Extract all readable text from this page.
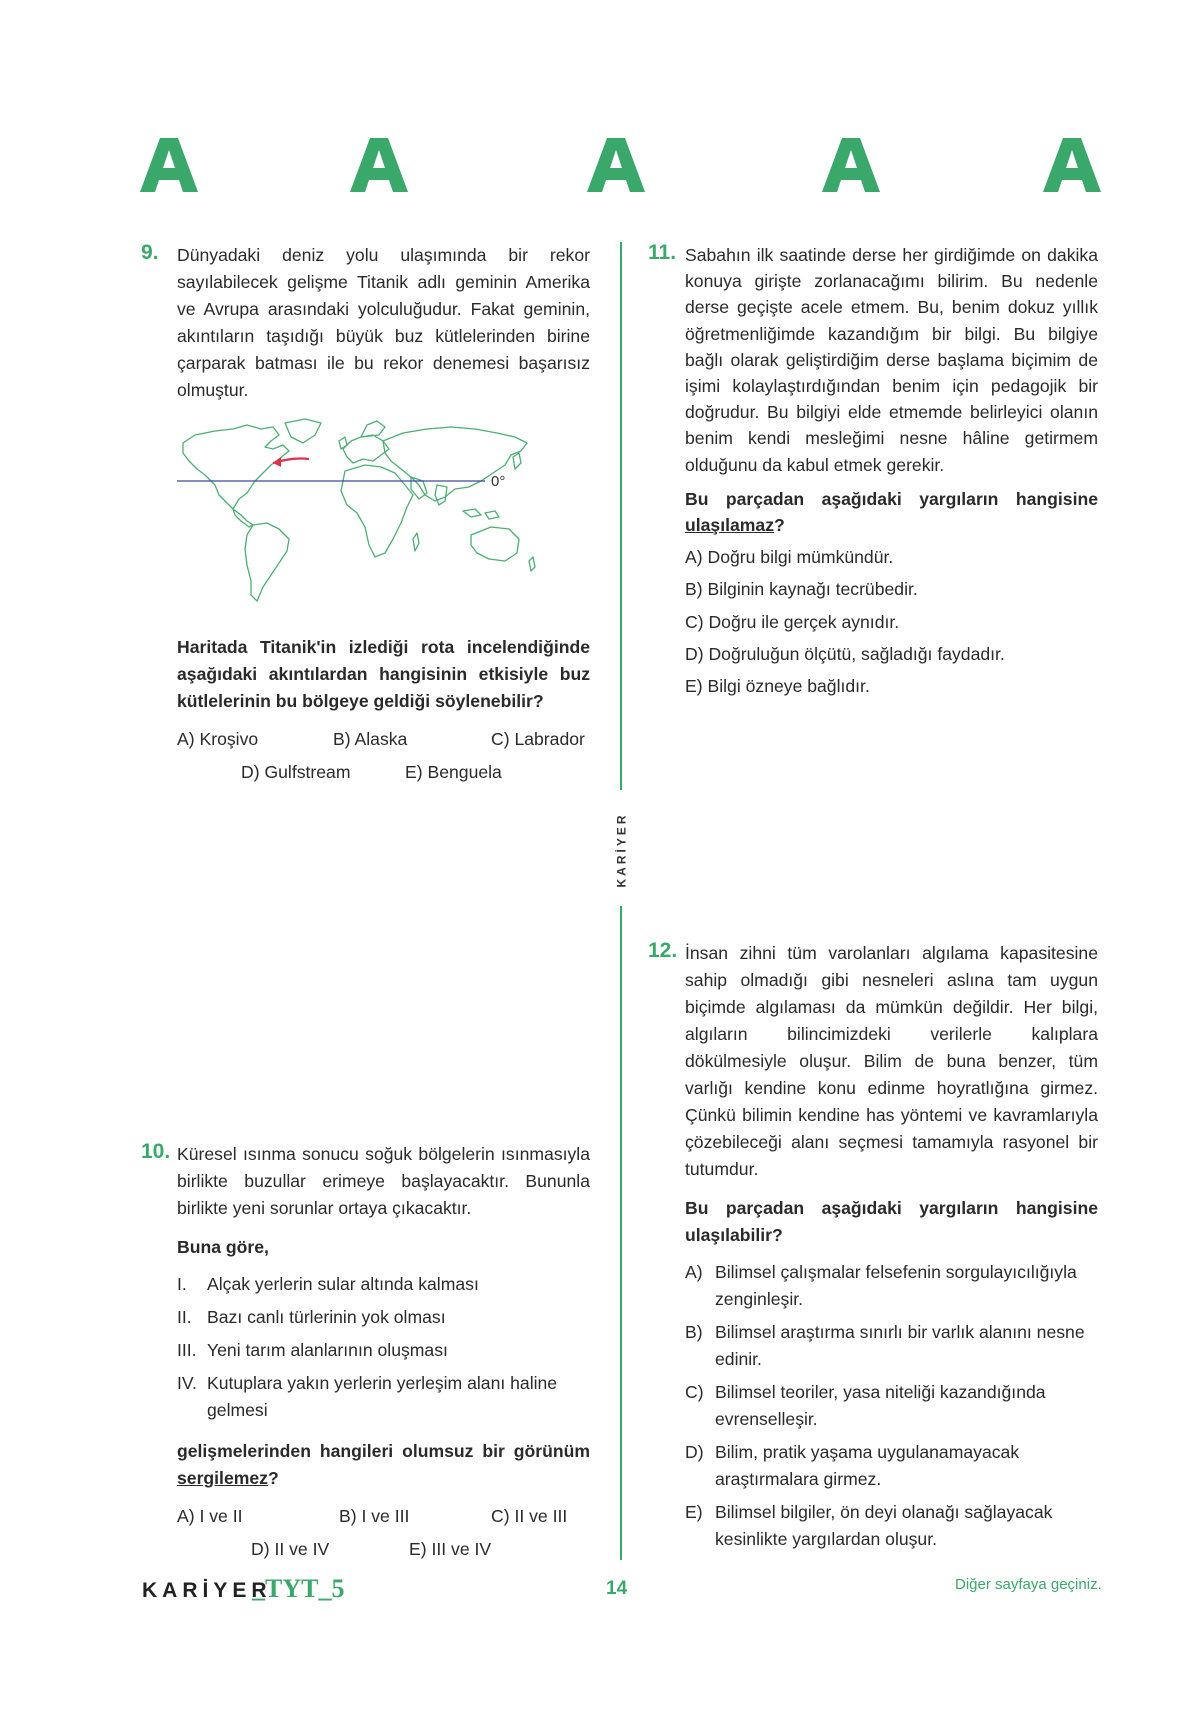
9. Dünyadaki deniz yolu ulaşımında bir rekor sayılabilecek gelişme Titanik adlı geminin Amerika ve Avrupa arasındaki yolculuğudur. Fakat geminin, akıntıların taşıdığı büyük buz kütlelerinden birine çarparak batması ile bu rekor denemesi başarısız olmuştur.

0°

Haritada Titanik'in izlediği rota incelendiğinde aşağıdaki akıntılardan hangisinin etkisiyle buz kütlelerinin bu bölgeye geldiği söylenebilir?

A) Kroşivo	B) Alaska	C) Labrador
D) Gulfstream	E) Benguela
10. Küresel ısınma sonucu soğuk bölgelerin ısınmasıyla birlikte buzullar erimeye başlayacaktır. Bununla birlikte yeni sorunlar ortaya çıkacaktır.

Buna göre,

I.	Alçak yerlerin sular altında kalması
II. Bazı canlı türlerinin yok olması
III. Yeni tarım alanlarının oluşması
IV. Kutuplara yakın yerlerin yerleşim alanı haline gelmesi

gelişmelerinden hangileri olumsuz bir görünüm sergilemez?

A) I ve II	B) I ve III	C) II ve III
D) II ve IV	E) III ve IV
KARİYER
11. Sabahın ilk saatinde derse her girdiğimde on dakika konuya girişte zorlanacağımı bilirim. Bu nedenle derse geçişte acele etmem. Bu, benim dokuz yıllık öğretmenliğimde kazandığım bir bilgi. Bu bilgiye bağlı olarak geliştirdiğim derse başlama biçimim de işimi kolaylaştırdığından benim için pedagojik bir doğrudur. Bu bilgiyi elde etmemde belirleyici olanın benim kendi mesleğimi nesne hâline getirmem olduğunu da kabul etmek gerekir.

Bu parçadan aşağıdaki yargıların hangisine ulaşılamaz?

A) Doğru bilgi mümkündür.

B) Bilginin kaynağı tecrübedir.

C) Doğru ile gerçek aynıdır.

D) Doğruluğun ölçütü, sağladığı faydadır.

E) Bilgi özneye bağlıdır.

12. İnsan zihni tüm varolanları algılama kapasitesine sahip olmadığı gibi nesneleri aslına tam uygun biçimde algılaması da mümkün değildir. Her bilgi, algıların bilincimizdeki verilerle kalıplara dökülmesiyle oluşur. Bilim de buna benzer, tüm varlığı kendine konu edinme hoyratlığına girmez. Çünkü bilimin kendine has yöntemi ve kavramlarıyla çözebileceği alanı seçmesi tamamıyla rasyonel bir tutumdur.

Bu parçadan aşağıdaki yargıların hangisine ulaşılabilir?

A) Bilimsel çalışmalar felsefenin sorgulayıcılığıyla zenginleşir.
B) Bilimsel araştırma sınırlı bir varlık alanını nesne edinir.
C) Bilimsel teoriler, yasa niteliği kazandığında evrenselleşir.
D) Bilim, pratik yaşama uygulanamayacak araştırmalara girmez.
E) Bilimsel bilgiler, ön deyi olanağı sağlayacak kesinlikte yargılardan oluşur.
KARİYER
_TYT_5	14	Diğer sayfaya geçiniz.
